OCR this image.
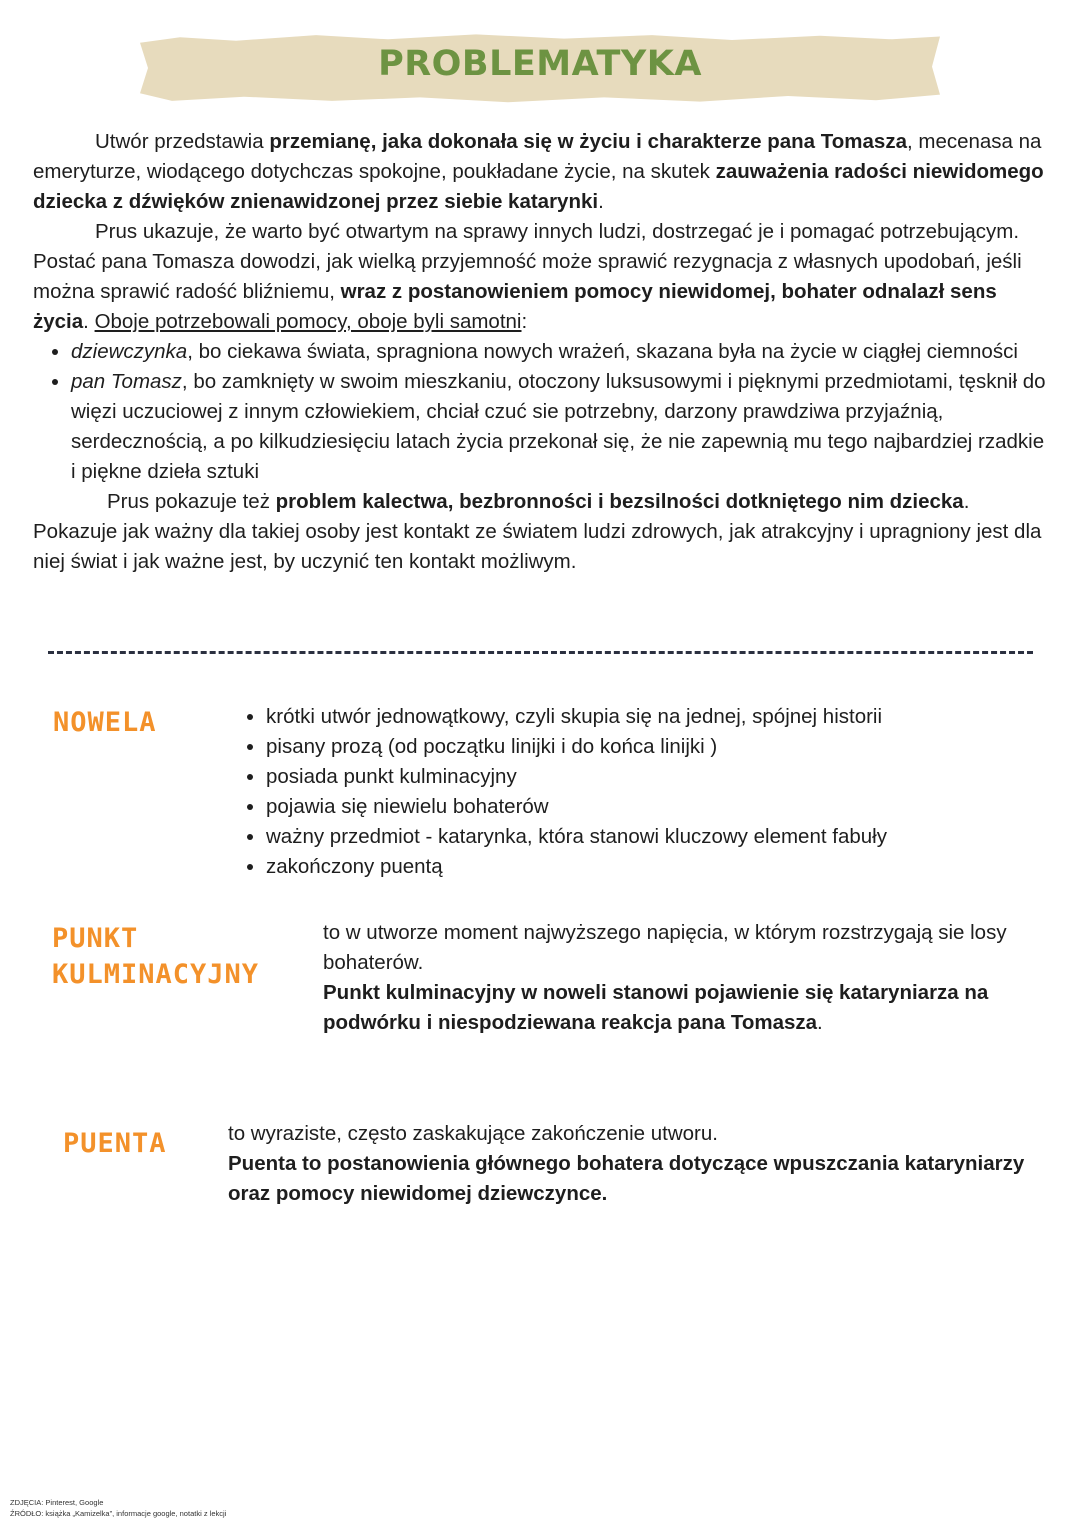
PROBLEMATYKA

Utwór przedstawia przemianę, jaka dokonała się w życiu i charakterze pana Tomasza, mecenasa na emeryturze, wiodącego dotychczas spokojne, poukładane życie, na skutek zauważenia radości niewidomego dziecka z dźwięków znienawidzonej przez siebie katarynki.

Prus ukazuje, że warto być otwartym na sprawy innych ludzi, dostrzegać je i pomagać potrzebującym. Postać pana Tomasza dowodzi, jak wielką przyjemność może sprawić rezygnacja z własnych upodobań, jeśli można sprawić radość bliźniemu, wraz z postanowieniem pomocy niewidomej, bohater odnalazł sens życia. Oboje potrzebowali pomocy, oboje byli samotni:

• dziewczynka, bo ciekawa świata, spragniona nowych wrażeń, skazana była na życie w ciągłej ciemności
• pan Tomasz, bo zamknięty w swoim mieszkaniu, otoczony luksusowymi i pięknymi przedmiotami, tęsknił do więzi uczuciowej z innym człowiekiem, chciał czuć sie potrzebny, darzony prawdziwa przyjaźnią, serdecznością, a po kilkudziesięciu latach życia przekonał się, że nie zapewnią mu tego najbardziej rzadkie i piękne dzieła sztuki

Prus pokazuje też problem kalectwa, bezbronności i bezsilności dotkniętego nim dziecka. Pokazuje jak ważny dla takiej osoby jest kontakt ze światem ludzi zdrowych, jak atrakcyjny i upragniony jest dla niej świat i jak ważne jest, by uczynić ten kontakt możliwym.

NOWELA
•	krótki utwór jednowątkowy, czyli skupia się na jednej, spójnej historii
• pisany prozą (od początku linijki i do końca linijki )
• posiada punkt kulminacyjny
• pojawia się niewielu bohaterów
• ważny przedmiot - katarynka, która stanowi kluczowy element fabuły
• zakończony puentą
PUNKT
KULMINACYJNY

to w utworze moment najwyższego napięcia, w którym rozstrzygają sie losy bohaterów.

Punkt kulminacyjny w noweli stanowi pojawienie się kataryniarza na podwórku i niespodziewana reakcja pana Tomasza.

PUENTA	to wyraziste, często zaskakujące zakończenie utworu.

Puenta to postanowienia głównego bohatera dotyczące wpuszczania kataryniarzy oraz pomocy niewidomej dziewczynce.

ZDJĘCIA: Pinterest, Google

ŹRÓDŁO: książka „Kamizelka”, informacje google, notatki z lekcji
